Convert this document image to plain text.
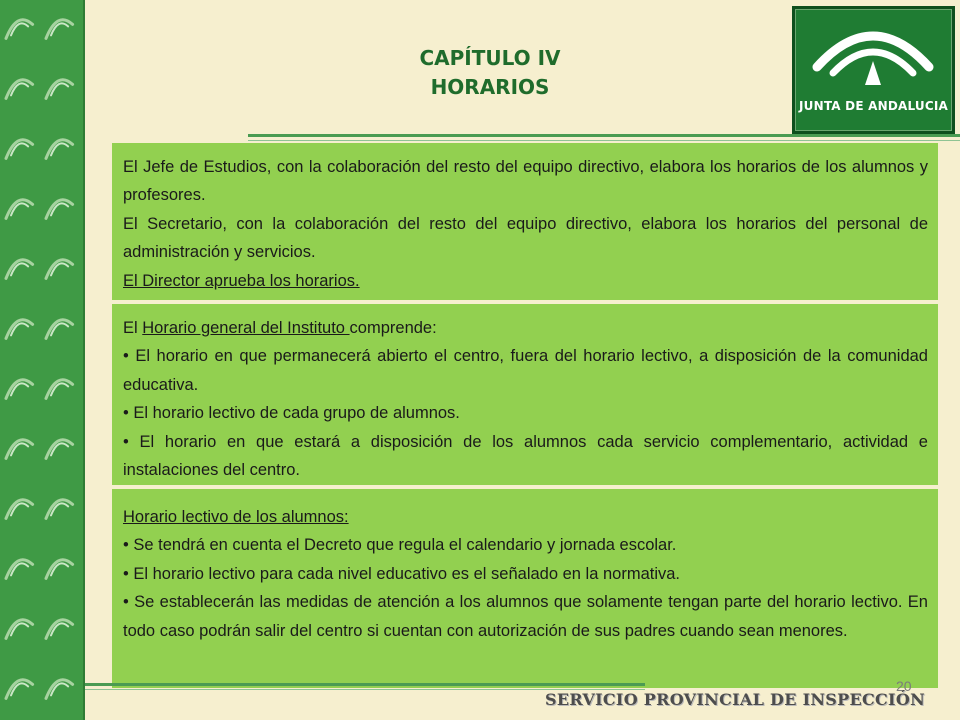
CAPÍTULO IV
HORARIOS
JUNTA DE ANDALUCIA

El Jefe de Estudios, con la colaboración del resto del equipo directivo, elabora los horarios de los alumnos y profesores.

El Secretario, con la colaboración del resto del equipo directivo, elabora los horarios del personal de administración y servicios.

El Director aprueba los horarios.

El Horario general del Instituto comprende:

• El horario en que permanecerá abierto el centro, fuera del horario lectivo, a disposición de la comunidad educativa.

• El horario lectivo de cada grupo de alumnos.

• El horario en que estará a disposición de los alumnos cada servicio complementario, actividad e instalaciones del centro.

Horario lectivo de los alumnos:

• Se tendrá en cuenta el Decreto que regula el calendario y jornada escolar.

• El horario lectivo para cada nivel educativo es el señalado en la normativa.

• Se establecerán las medidas de atención a los alumnos que solamente tengan parte del horario lectivo. En todo caso podrán salir del centro si cuentan con autorización de sus padres cuando sean menores.

20
SERVICIO PROVINCIAL DE INSPECCIÓN
